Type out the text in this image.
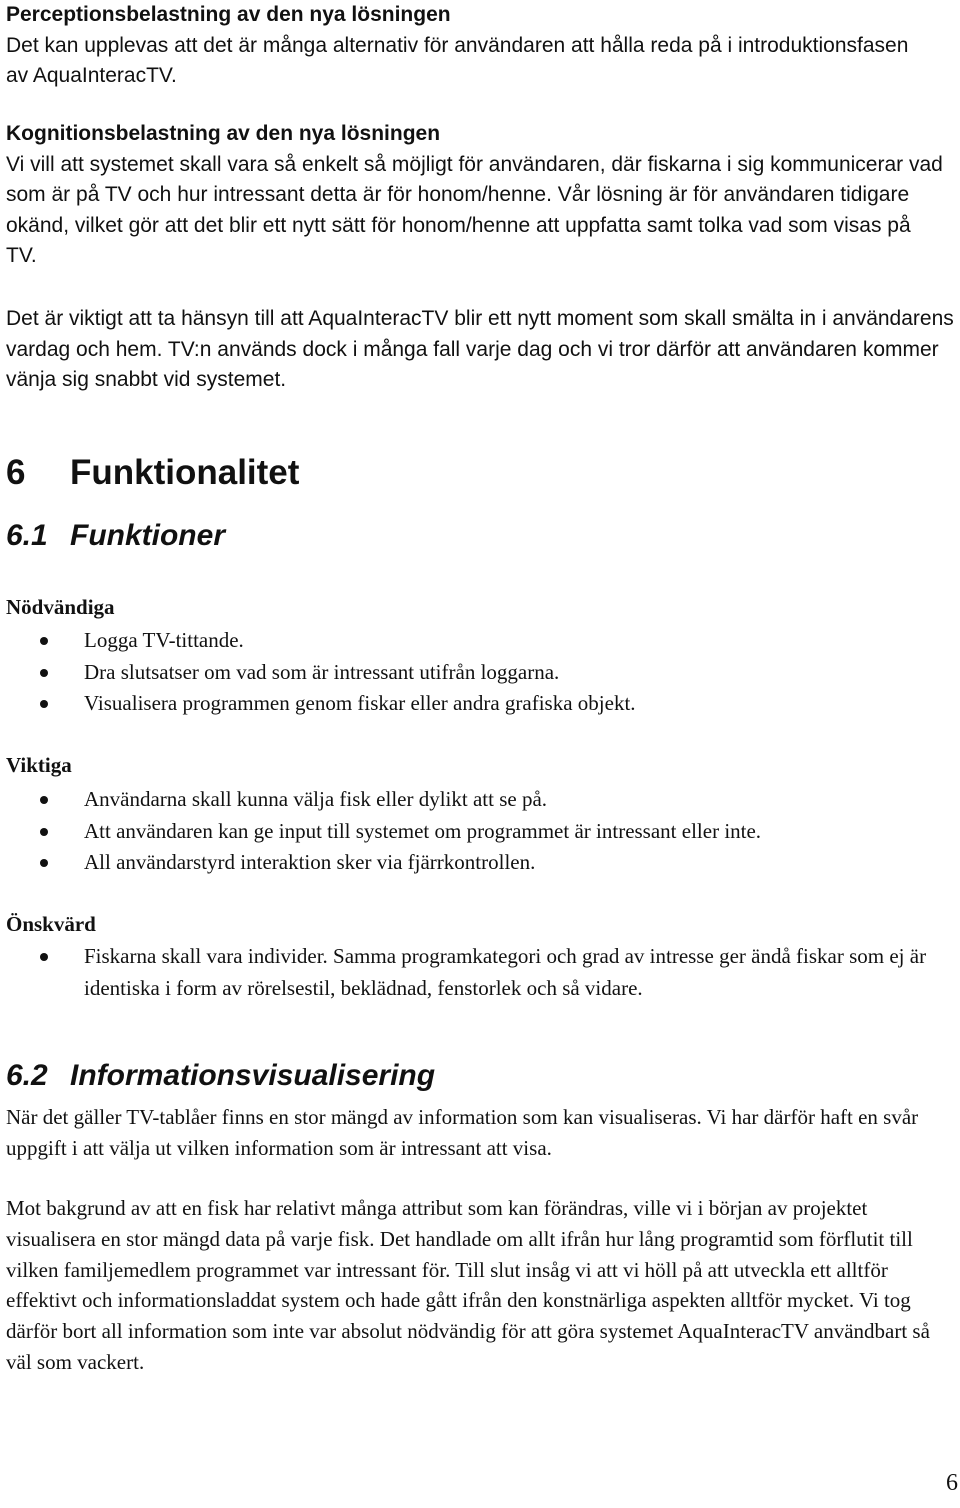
Perceptionsbelastning av den nya lösningen
Det kan upplevas att det är många alternativ för användaren att hålla reda på i introduktionsfasen av AquaInteracTV.
Kognitionsbelastning av den nya lösningen
Vi vill att systemet skall vara så enkelt så möjligt för användaren, där fiskarna i sig kommunicerar vad som är på TV och hur intressant detta är för honom/henne. Vår lösning är för användaren tidigare okänd, vilket gör att det blir ett nytt sätt för honom/henne att uppfatta samt tolka vad som visas på TV.
Det är viktigt att ta hänsyn till att AquaInteracTV blir ett nytt moment som skall smälta in i användarens vardag och hem. TV:n används dock i många fall varje dag och vi tror därför att användaren kommer vänja sig snabbt vid systemet.
6 Funktionalitet
6.1 Funktioner
Nödvändiga
Logga TV-tittande.
Dra slutsatser om vad som är intressant utifrån loggarna.
Visualisera programmen genom fiskar eller andra grafiska objekt.
Viktiga
Användarna skall kunna välja fisk eller dylikt att se på.
Att användaren kan ge input till systemet om programmet är intressant eller inte.
All användarstyrd interaktion sker via fjärrkontrollen.
Önskvärd
Fiskarna skall vara individer. Samma programkategori och grad av intresse ger ändå fiskar som ej är identiska i form av rörelsestil, beklädnad, fenstorlek och så vidare.
6.2 Informationsvisualisering
När det gäller TV-tablåer finns en stor mängd av information som kan visualiseras. Vi har därför haft en svår uppgift i att välja ut vilken information som är intressant att visa.
Mot bakgrund av att en fisk har relativt många attribut som kan förändras, ville vi i början av projektet visualisera en stor mängd data på varje fisk. Det handlade om allt ifrån hur lång programtid som förflutit till vilken familjemedlem programmet var intressant för. Till slut insåg vi att vi höll på att utveckla ett alltför effektivt och informationsladdat system och hade gått ifrån den konstnärliga aspekten alltför mycket. Vi tog därför bort all information som inte var absolut nödvändig för att göra systemet AquaInteracTV användbart så väl som vackert.
6
